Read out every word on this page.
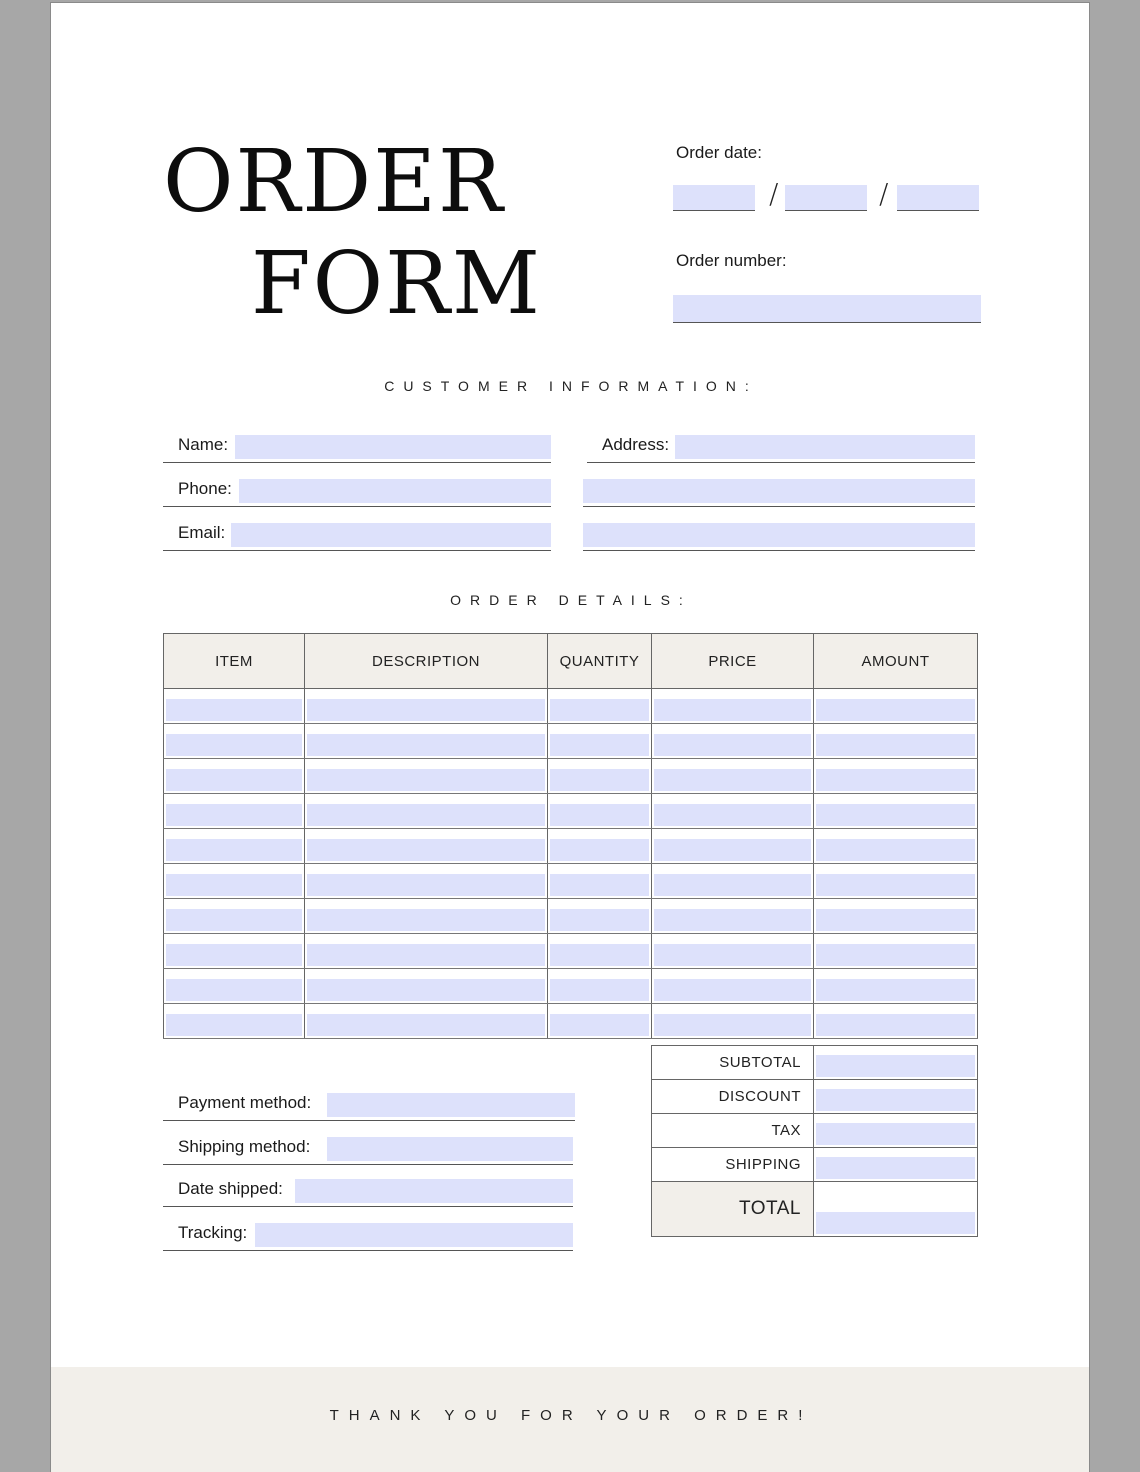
ORDER
FORM
Order date:
/	/
Order number:
CUSTOMER INFORMATION:
Name:
Phone:
Email:
Address:
ORDER DETAILS:
ITEM	DESCRIPTION	QUANTITY	PRICE	AMOUNT

Payment method:
Shipping method:
Date shipped:
Tracking:
SUBTOTAL	

DISCOUNT	

TAX	

SHIPPING	

TOTAL	
THANK YOU FOR YOUR ORDER!
